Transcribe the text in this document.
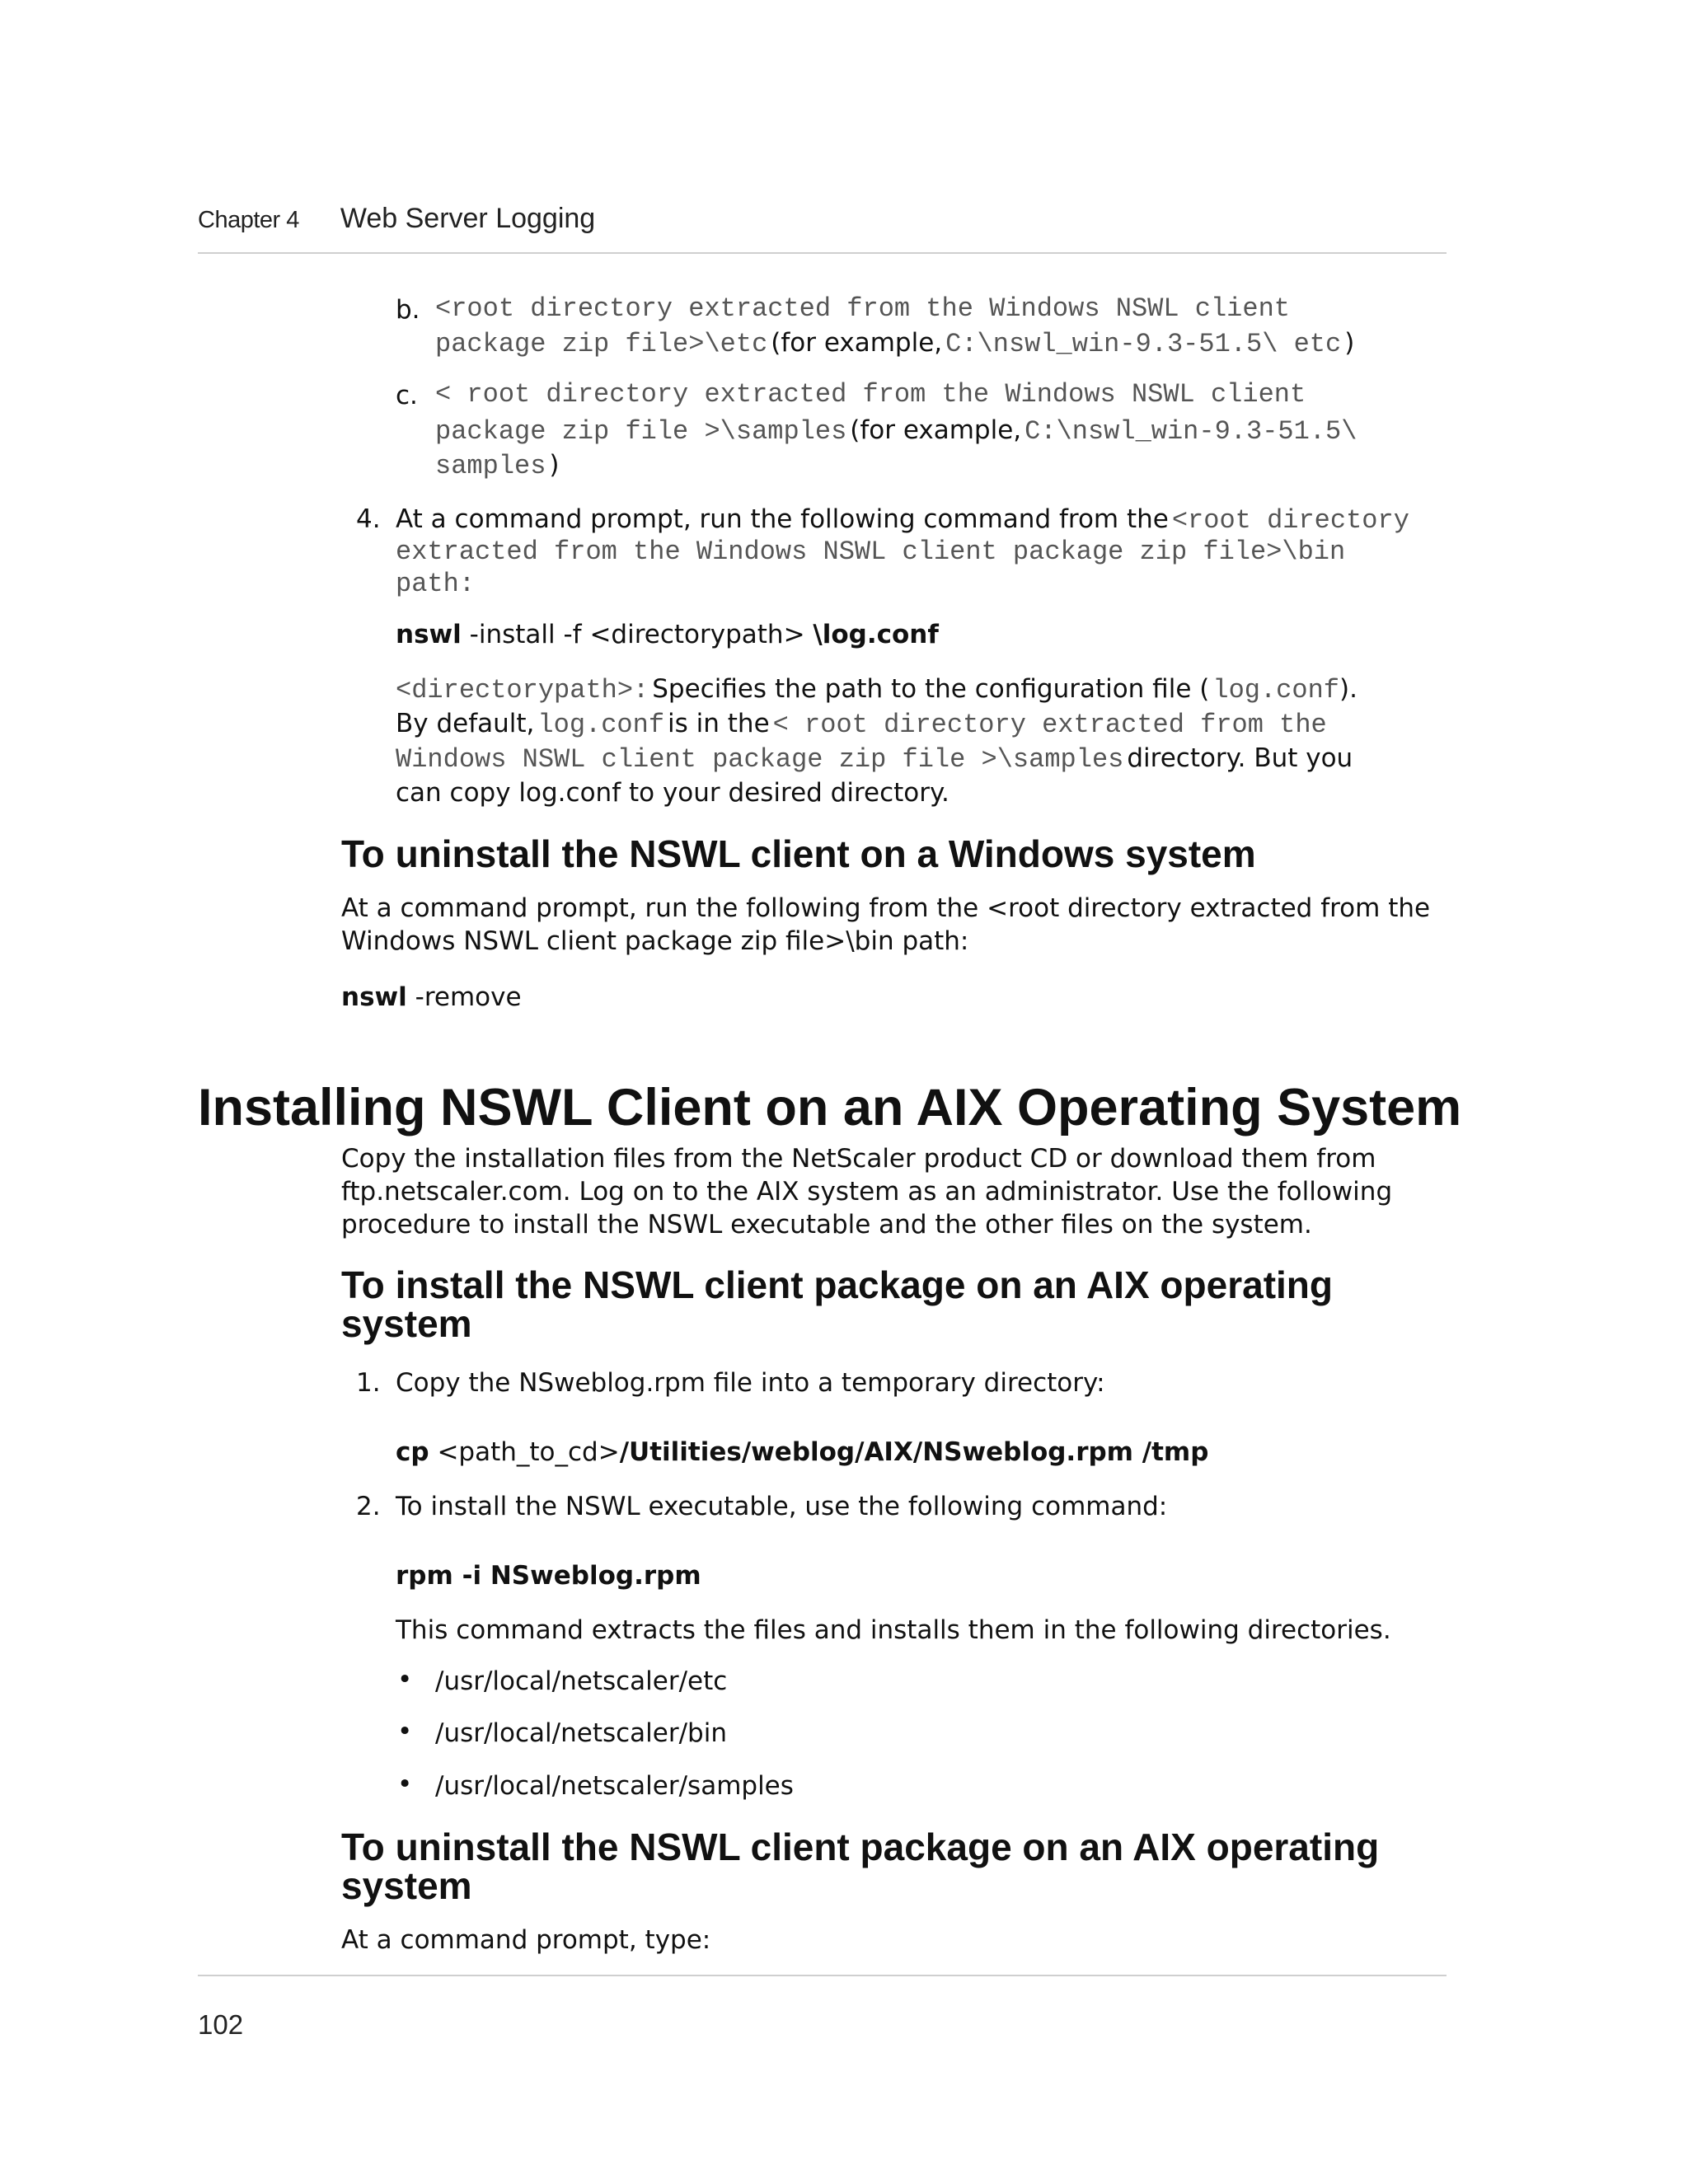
Chapter 4 Web Server Logging
b. <root directory extracted from the Windows NSWL client
package zip file>\etc (for example, C:\nswl_win-9.3-51.5\ etc )
c. < root directory extracted from the Windows NSWL client
package zip file >\samples (for example, C:\nswl_win-9.3-51.5\
samples )
4. At a command prompt, run the following command from the <root directory
extracted from the Windows NSWL client package zip file>\bin
path:
nswl -install -f <directorypath> \log.conf
<directorypath>: Specifies the path to the configuration file ( log.conf).
By default, log.conf is in the < root directory extracted from the
Windows NSWL client package zip file >\samples directory. But you
can copy log.conf to your desired directory.
To uninstall the NSWL client on a Windows system
At a command prompt, run the following from the <root directory extracted from the
Windows NSWL client package zip file>\bin path:
nswl -remove
Installing NSWL Client on an AIX Operating System
Copy the installation files from the NetScaler product CD or download them from
ftp.netscaler.com. Log on to the AIX system as an administrator. Use the following
procedure to install the NSWL executable and the other files on the system.
To install the NSWL client package on an AIX operating
system
1. Copy the NSweblog.rpm file into a temporary directory:
cp <path_to_cd>/Utilities/weblog/AIX/NSweblog.rpm /tmp
2. To install the NSWL executable, use the following command:
rpm -i NSweblog.rpm
This command extracts the files and installs them in the following directories.
• /usr/local/netscaler/etc
• /usr/local/netscaler/bin
• /usr/local/netscaler/samples
To uninstall the NSWL client package on an AIX operating
system
At a command prompt, type:
102
